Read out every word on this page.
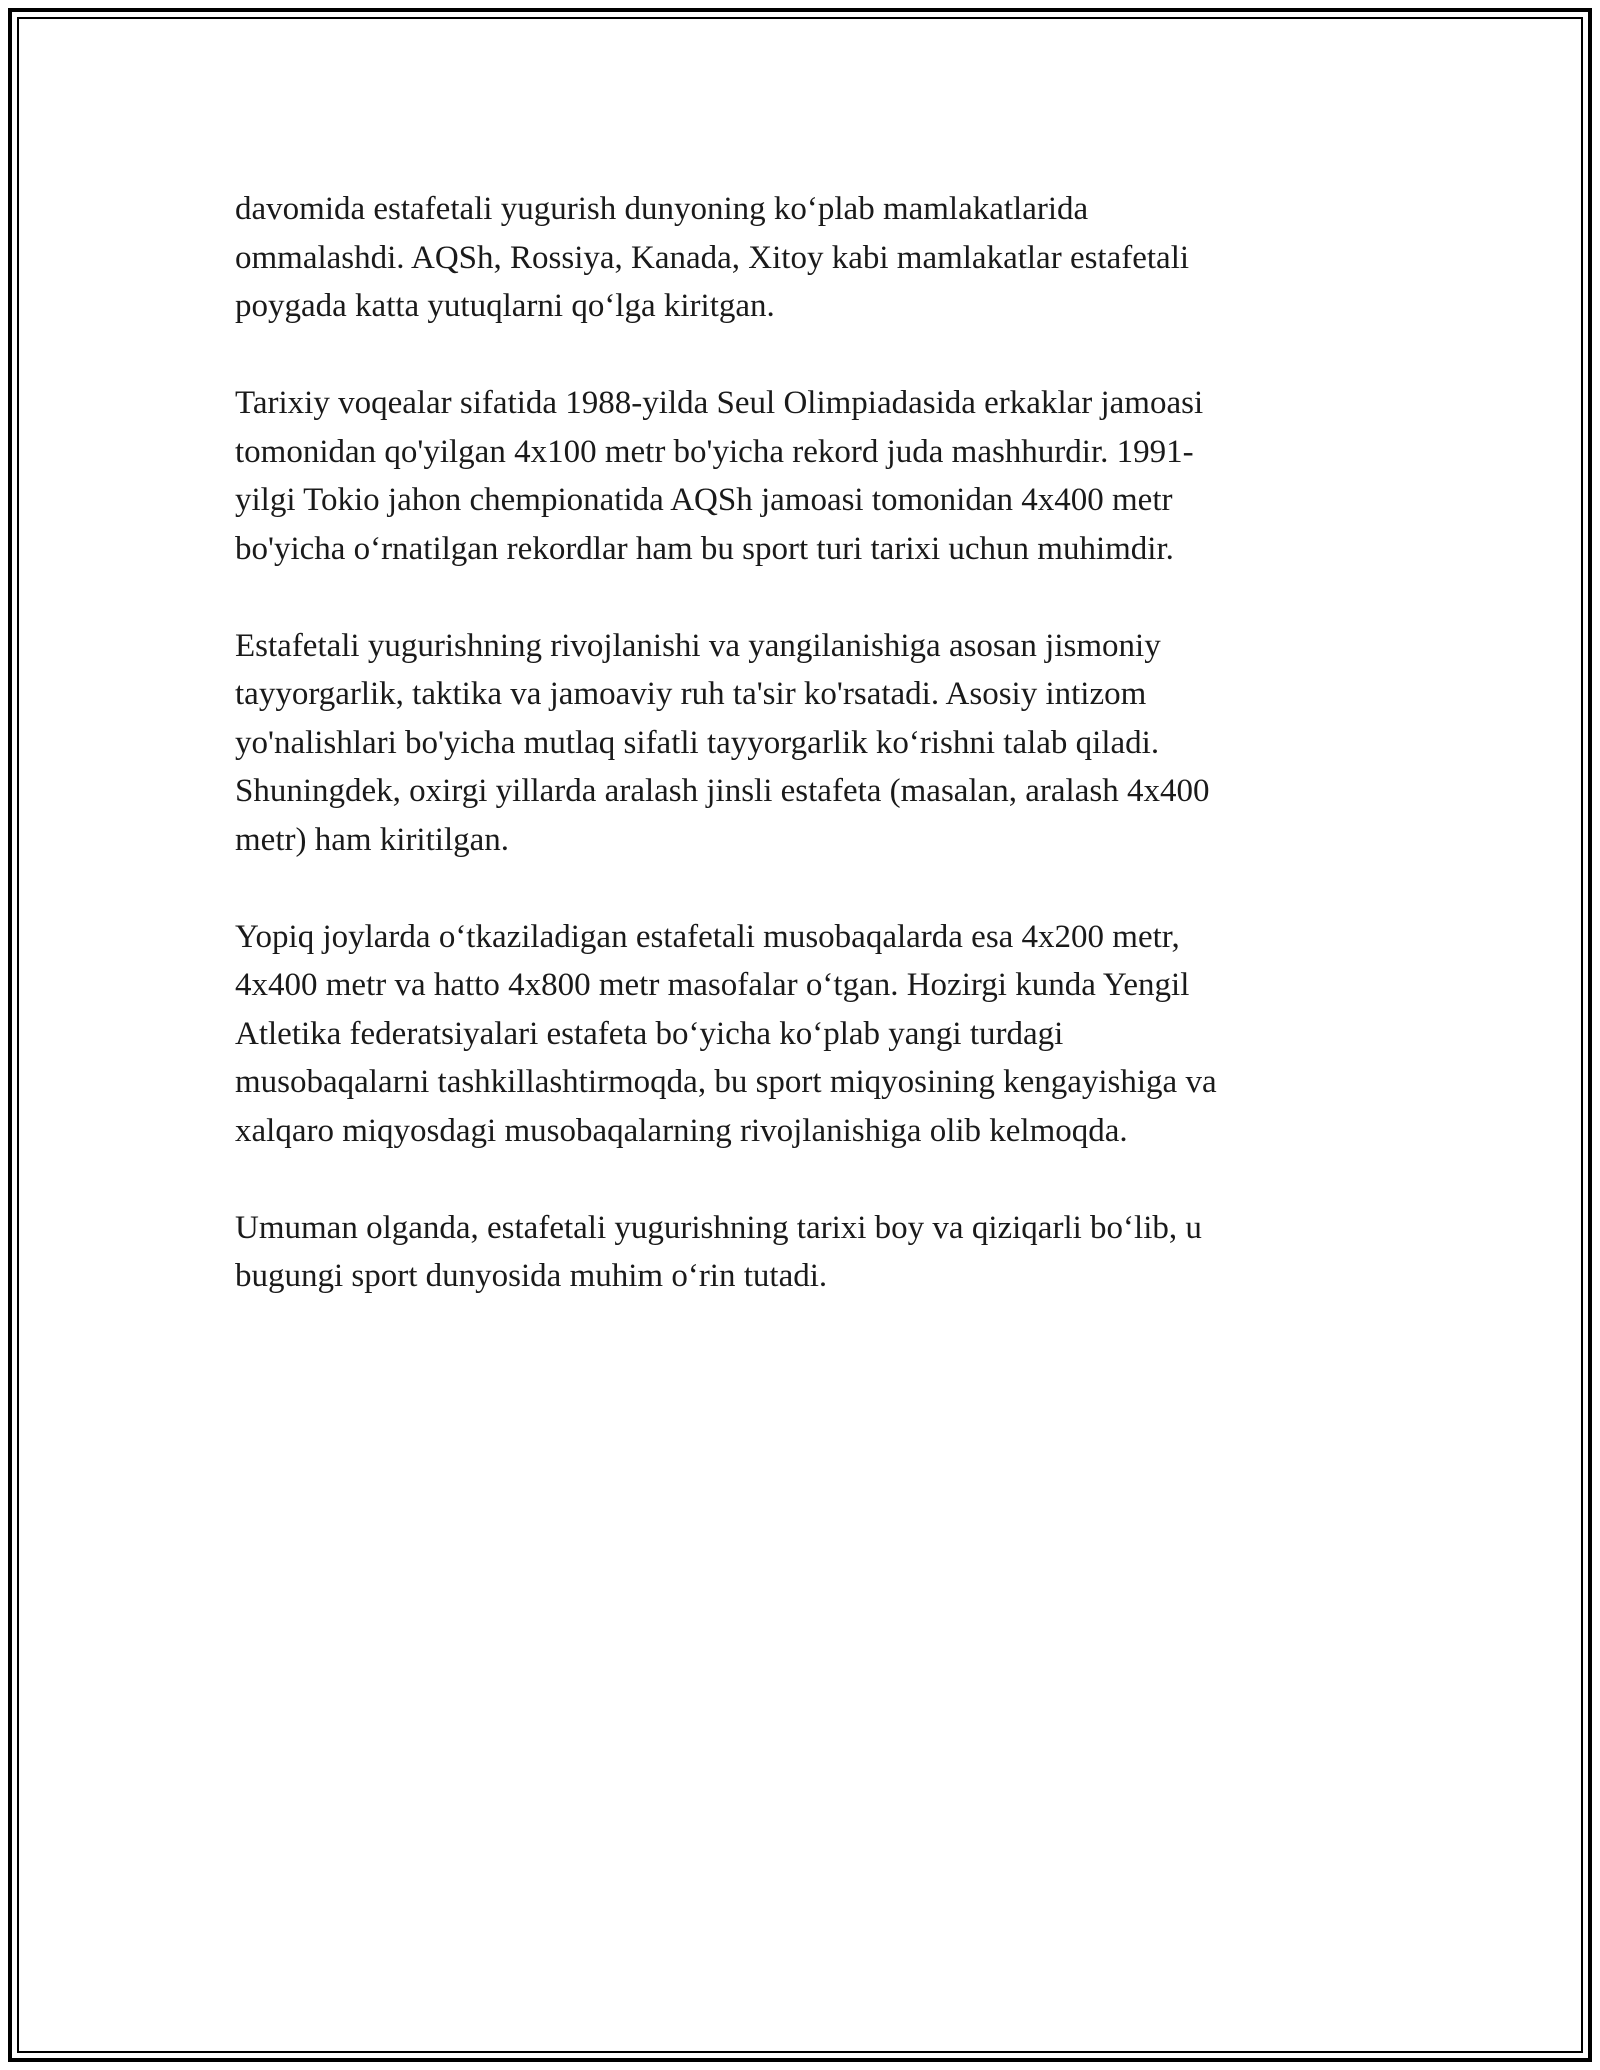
davomida estafetali yugurish dunyoning ko‘plab mamlakatlarida
ommalashdi. AQSh, Rossiya, Kanada, Xitoy kabi mamlakatlar estafetali
poygada katta yutuqlarni qo‘lga kiritgan.

Tarixiy voqealar sifatida 1988-yilda Seul Olimpiadasida erkaklar jamoasi
tomonidan qo'yilgan 4x100 metr bo'yicha rekord juda mashhurdir. 1991-
yilgi Tokio jahon chempionatida AQSh jamoasi tomonidan 4x400 metr
bo'yicha o‘rnatilgan rekordlar ham bu sport turi tarixi uchun muhimdir.

Estafetali yugurishning rivojlanishi va yangilanishiga asosan jismoniy
tayyorgarlik, taktika va jamoaviy ruh ta'sir ko'rsatadi. Asosiy intizom
yo'nalishlari bo'yicha mutlaq sifatli tayyorgarlik ko‘rishni talab qiladi.
Shuningdek, oxirgi yillarda aralash jinsli estafeta (masalan, aralash 4x400
metr) ham kiritilgan.

Yopiq joylarda o‘tkaziladigan estafetali musobaqalarda esa 4x200 metr,
4x400 metr va hatto 4x800 metr masofalar o‘tgan. Hozirgi kunda Yengil
Atletika federatsiyalari estafeta bo‘yicha ko‘plab yangi turdagi
musobaqalarni tashkillashtirmoqda, bu sport miqyosining kengayishiga va
xalqaro miqyosdagi musobaqalarning rivojlanishiga olib kelmoqda.

Umuman olganda, estafetali yugurishning tarixi boy va qiziqarli bo‘lib, u
bugungi sport dunyosida muhim o‘rin tutadi.
